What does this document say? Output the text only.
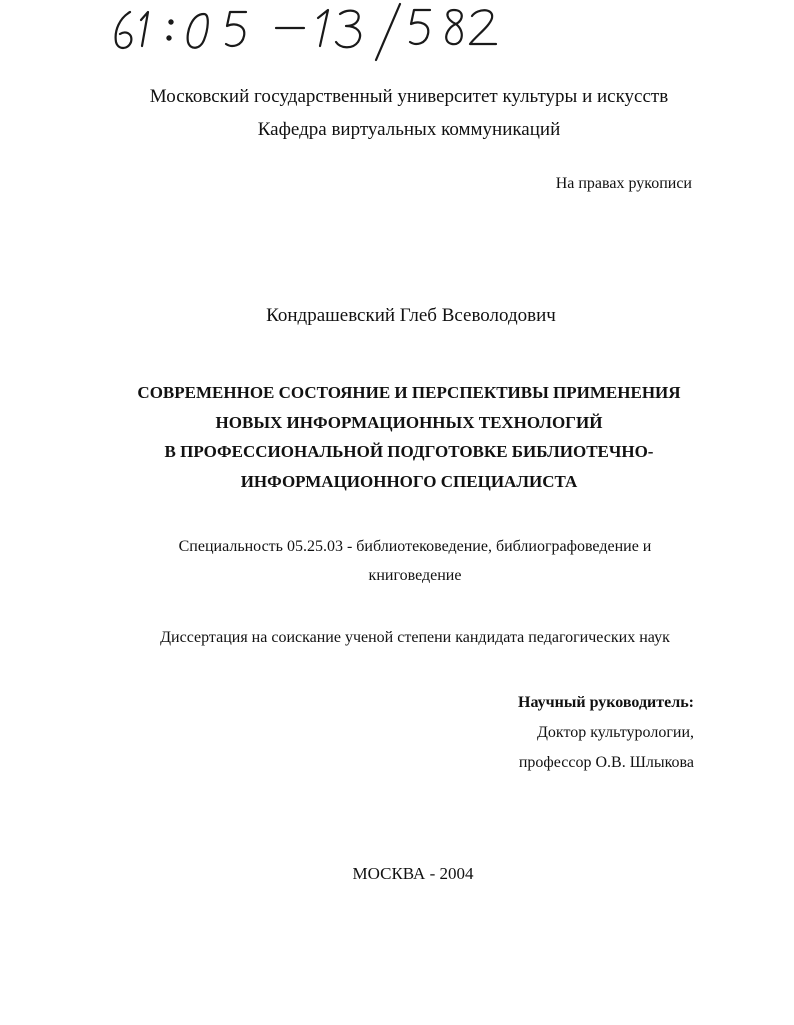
Московский государственный университет культуры и искусств
Кафедра виртуальных коммуникаций
На правах рукописи
Кондрашевский Глеб Всеволодович
СОВРЕМЕННОЕ СОСТОЯНИЕ И ПЕРСПЕКТИВЫ ПРИМЕНЕНИЯ
НОВЫХ ИНФОРМАЦИОННЫХ ТЕХНОЛОГИЙ
В ПРОФЕССИОНАЛЬНОЙ ПОДГОТОВКЕ БИБЛИОТЕЧНО-
ИНФОРМАЦИОННОГО СПЕЦИАЛИСТА
Специальность 05.25.03 - библиотековедение, библиографоведение и
книговедение
Диссертация на соискание ученой степени кандидата педагогических наук
Научный руководитель:
Доктор культурологии,
профессор О.В. Шлыкова
МОСКВА - 2004
